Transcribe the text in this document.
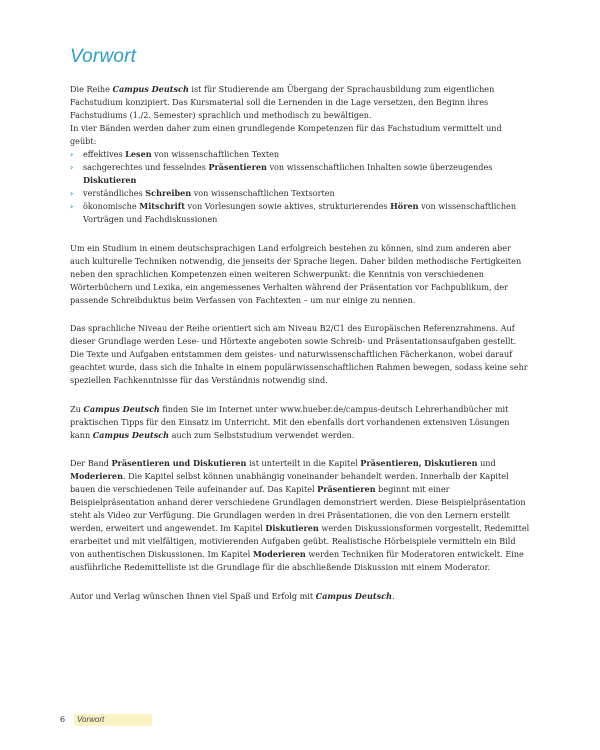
Vorwort

Die Reihe Campus Deutsch ist für Studierende am Übergang der Sprachausbildung zum eigentlichen Fachstudium konzipiert. Das Kursmaterial soll die Lernenden in die Lage versetzen, den Beginn ihres Fachstudiums (1./2. Semester) sprachlich und methodisch zu bewältigen.
In vier Bänden werden daher zum einen grundlegende Kompetenzen für das Fachstudium vermittelt und geübt:

› effektives Lesen von wissenschaftlichen Texten
› sachgerechtes und fesselndes Präsentieren von wissenschaftlichen Inhalten sowie überzeugendes Diskutieren
› verständliches Schreiben von wissenschaftlichen Textsorten
› ökonomische Mitschrift von Vorlesungen sowie aktives, strukturierendes Hören von wissenschaftlichen Vorträgen und Fachdiskussionen

Um ein Studium in einem deutschsprachigen Land erfolgreich bestehen zu können, sind zum anderen aber auch kulturelle Techniken notwendig, die jenseits der Sprache liegen. Daher bilden methodische Fertigkeiten neben den sprachlichen Kompetenzen einen weiteren Schwerpunkt: die Kenntnis von verschiedenen Wörterbüchern und Lexika, ein angemessenes Verhalten während der Präsentation vor Fachpublikum, der passende Schreibduktus beim Verfassen von Fachtexten – um nur einige zu nennen.

Das sprachliche Niveau der Reihe orientiert sich am Niveau B2/C1 des Europäischen Referenzrahmens. Auf dieser Grundlage werden Lese- und Hörtexte angeboten sowie Schreib- und Präsentationsaufgaben gestellt. Die Texte und Aufgaben entstammen dem geistes- und naturwissenschaftlichen Fächerkanon, wobei darauf geachtet wurde, dass sich die Inhalte in einem populärwissenschaftlichen Rahmen bewegen, sodass keine sehr speziellen Fachkenntnisse für das Verständnis notwendig sind.

Zu Campus Deutsch finden Sie im Internet unter www.hueber.de/campus-deutsch Lehrerhandbücher mit praktischen Tipps für den Einsatz im Unterricht. Mit den ebenfalls dort vorhandenen extensiven Lösungen kann Campus Deutsch auch zum Selbststudium verwendet werden.

Der Band Präsentieren und Diskutieren ist unterteilt in die Kapitel Präsentieren, Diskutieren und Moderieren. Die Kapitel selbst können unabhängig voneinander behandelt werden. Innerhalb der Kapitel bauen die verschiedenen Teile aufeinander auf. Das Kapitel Präsentieren beginnt mit einer Beispielpräsentation anhand derer verschiedene Grundlagen demonstriert werden. Diese Beispielpräsentation steht als Video zur Verfügung. Die Grundlagen werden in drei Präsentationen, die von den Lernern erstellt werden, erweitert und angewendet. Im Kapitel Diskutieren werden Diskussionsformen vorgestellt, Redemittel erarbeitet und mit vielfältigen, motivierenden Aufgaben geübt. Realistische Hörbeispiele vermitteln ein Bild von authentischen Diskussionen. Im Kapitel Moderieren werden Techniken für Moderatoren entwickelt. Eine ausführliche Redemittelliste ist die Grundlage für die abschließende Diskussion mit einem Moderator.

Autor und Verlag wünschen Ihnen viel Spaß und Erfolg mit Campus Deutsch.

6 Vorwort
